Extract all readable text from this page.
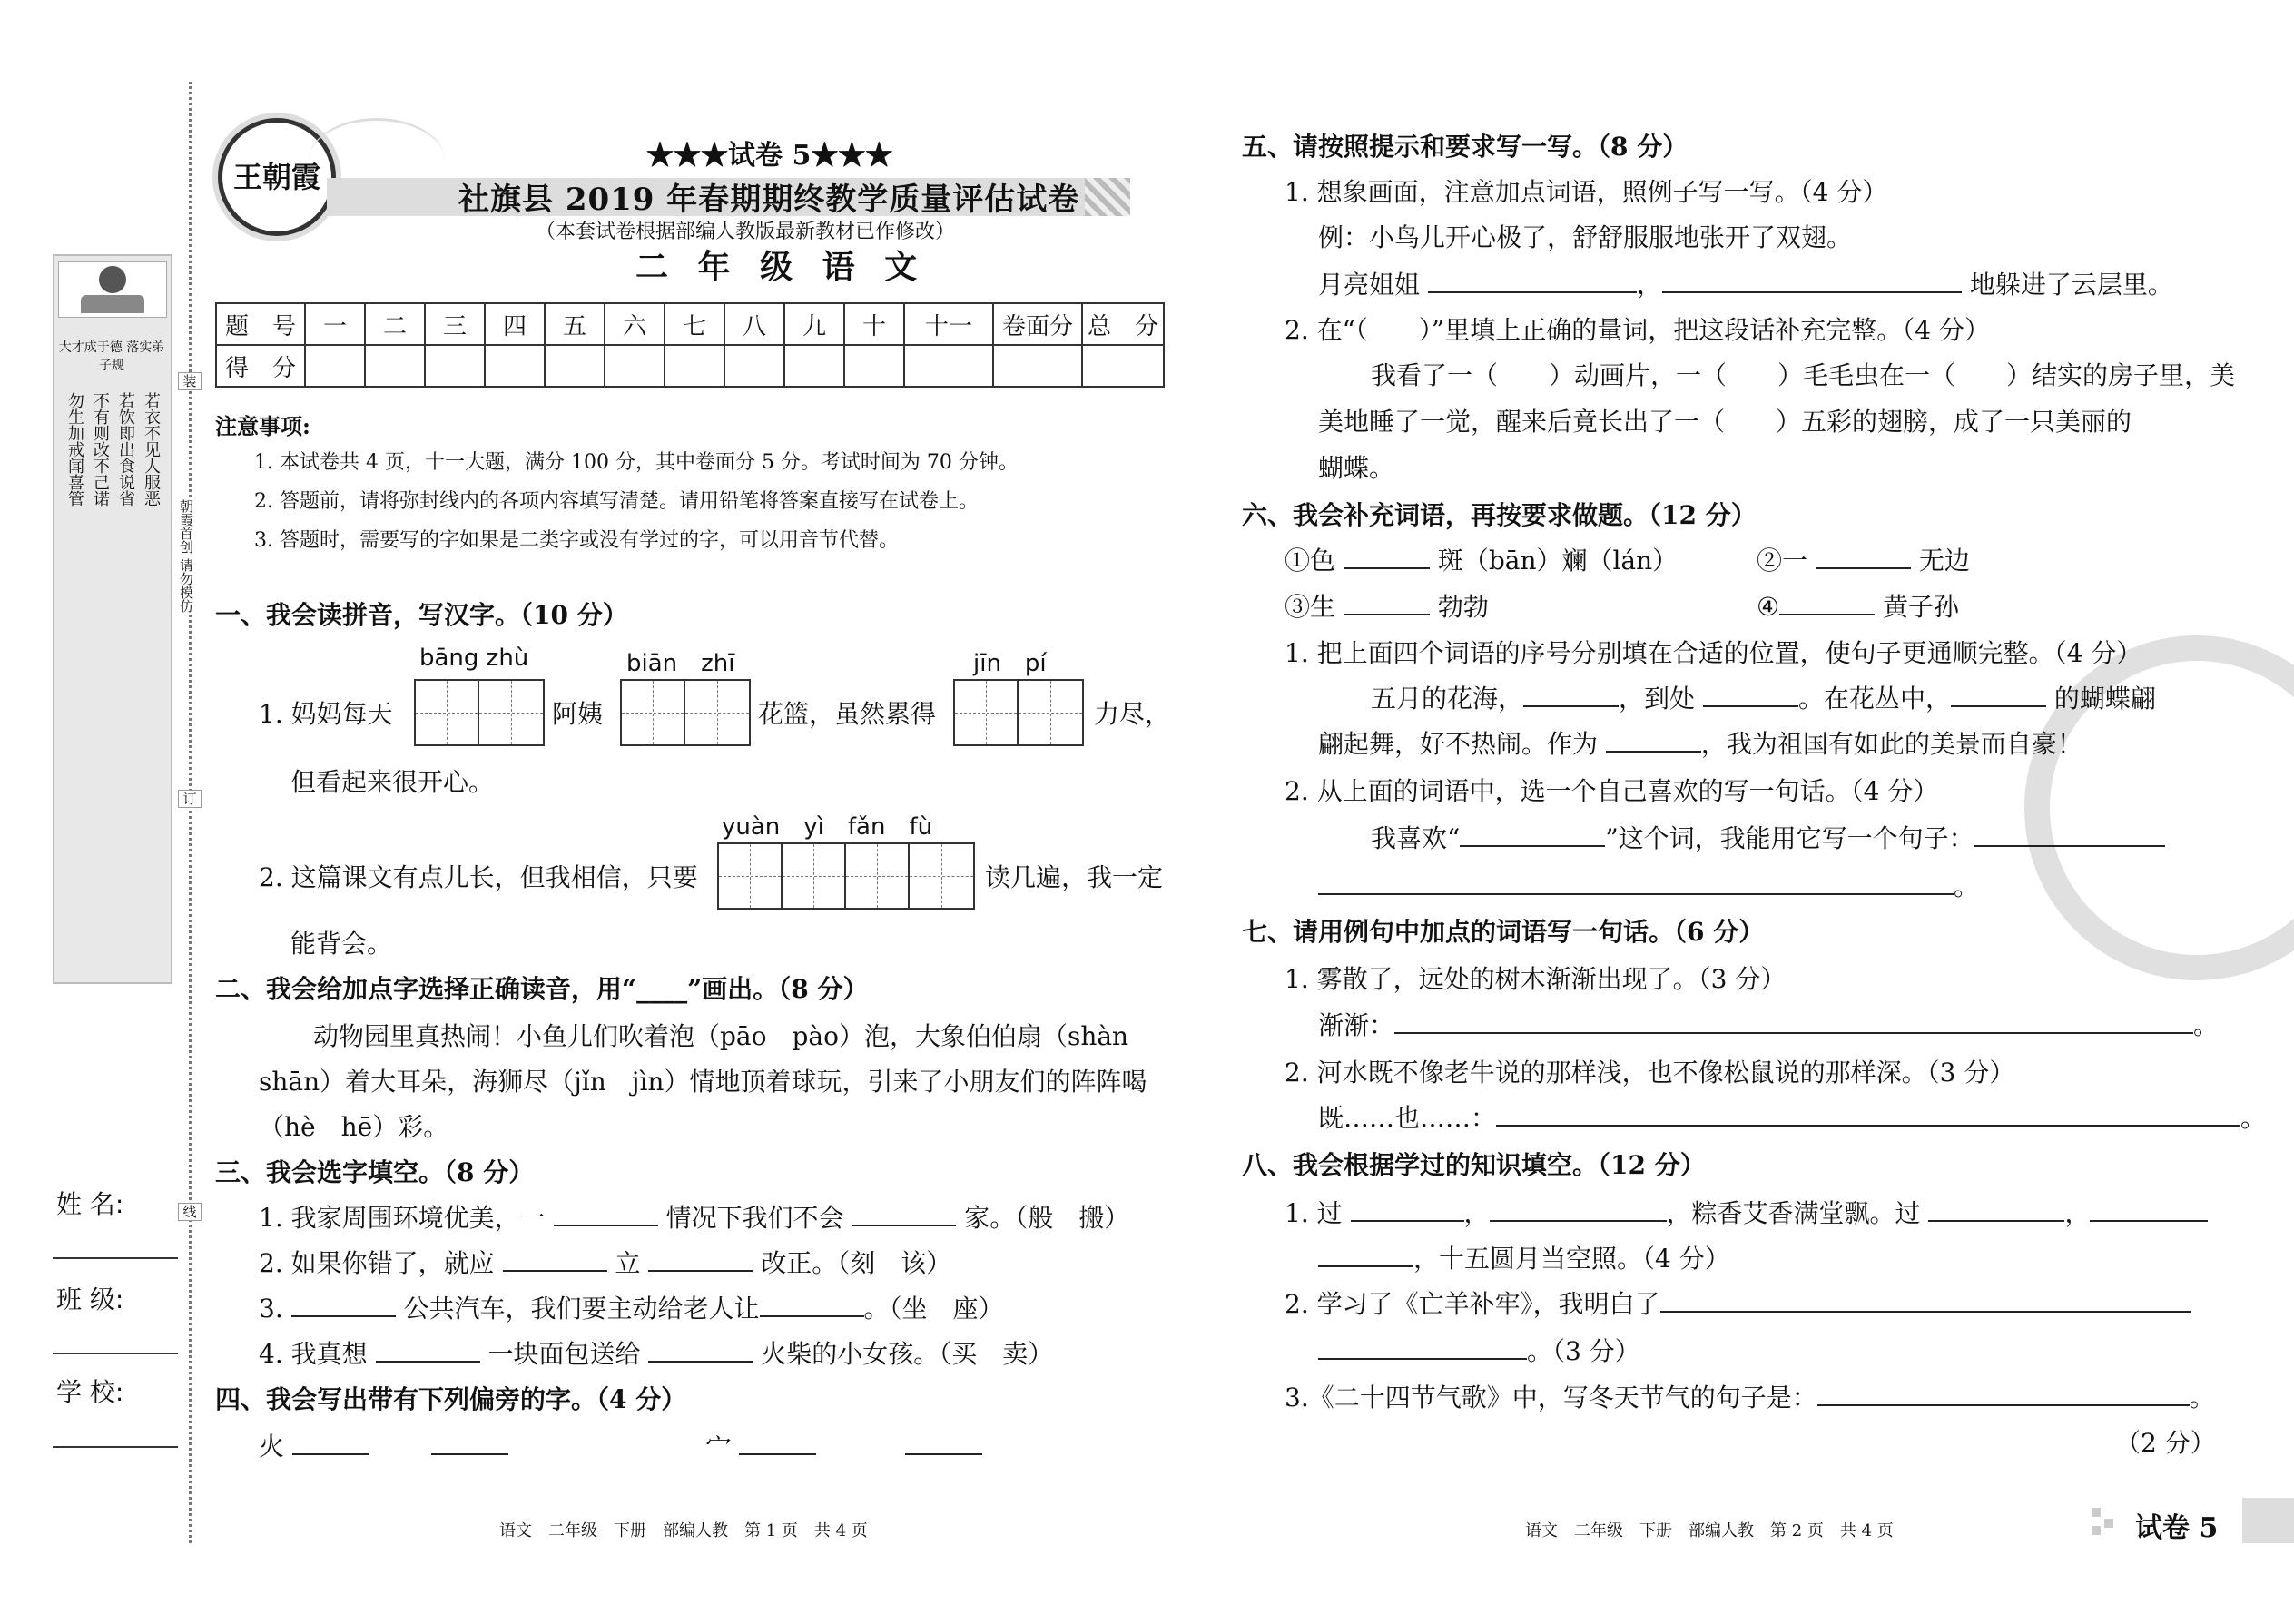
大才成于德 落实弟子规
若衣不见人服恶
若饮即出食说省
不有则改不己诺
勿生加戒闻喜管
装
订
线
朝霞首创 请勿模仿
姓 名:
班 级:
学 校:
王朝霞
★★★试卷 5★★★
社旗县 2019 年春期期终教学质量评估试卷
（本套试卷根据部编人教版最新教材已作修改）
二 年 级 语 文
题　号	一	二	三	四	五	六	七	八	九	十	十一	卷面分	总　分
得　分													
注意事项:
1. 本试卷共 4 页，十一大题，满分 100 分，其中卷面分 5 分。考试时间为 70 分钟。
2. 答题前，请将弥封线内的各项内容填写清楚。请用铅笔将答案直接写在试卷上。
3. 答题时，需要写的字如果是二类字或没有学过的字，可以用音节代替。
一、我会读拼音，写汉字。（10 分）
bāng zhù	biān　zhī	jīn　pí
1. 妈妈每天	阿姨	花篮，虽然累得	力尽，
但看起来很开心。
yuàn　yì　fǎn　fù
2. 这篇课文有点儿长，但我相信，只要	读几遍，我一定
能背会。
二、我会给加点字选择正确读音，用“____”画出。（8 分）
动物园里真热闹！小鱼儿们吹着泡（pāo　pào）泡，大象伯伯扇（shàn
shān）着大耳朵，海狮尽（jǐn　jìn）情地顶着球玩，引来了小朋友们的阵阵喝
（hè　hē）彩。
三、我会选字填空。（8 分）
1. 我家周围环境优美，一	情况下我们不会	家。（般　搬）
2. 如果你错了，就应	立	改正。（刻　该）
3.	公共汽车，我们要主动给老人让	。（坐　座）
4. 我真想	一块面包送给	火柴的小女孩。（买　卖）
四、我会写出带有下列偏旁的字。（4 分）
火	宀
语文　二年级　下册　部编人教　第 1 页　共 4 页
五、请按照提示和要求写一写。（8 分）
1. 想象画面，注意加点词语，照例子写一写。（4 分）
例：小鸟儿开心极了，舒舒服服地张开了双翅。
月亮姐姐	，	地躲进了云层里。
2. 在“（　　）”里填上正确的量词，把这段话补充完整。（4 分）
我看了一（　　）动画片，一（　　）毛毛虫在一（　　）结实的房子里，美
美地睡了一觉，醒来后竟长出了一（　　）五彩的翅膀，成了一只美丽的
蝴蝶。
六、我会补充词语，再按要求做题。（12 分）
①色	斑（bān）斓（lán）	②一	无边
③生	勃勃	④	黄子孙
1. 把上面四个词语的序号分别填在合适的位置，使句子更通顺完整。（4 分）
五月的花海，	，到处	。在花丛中，	的蝴蝶翩
翩起舞，好不热闹。作为	，我为祖国有如此的美景而自豪！
2. 从上面的词语中，选一个自己喜欢的写一句话。（4 分）
我喜欢“	”这个词，我能用它写一个句子：
。
七、请用例句中加点的词语写一句话。（6 分）
1. 雾散了，远处的树木渐渐出现了。（3 分）
渐渐：	。
2. 河水既不像老牛说的那样浅，也不像松鼠说的那样深。（3 分）
既……也……：	。
八、我会根据学过的知识填空。（12 分）
1. 过	，	，粽香艾香满堂飘。过	，
，十五圆月当空照。（4 分）
2. 学习了《亡羊补牢》，我明白了
。（3 分）
3.《二十四节气歌》中，写冬天节气的句子是：	。
（2 分）
语文　二年级　下册　部编人教　第 2 页　共 4 页	试卷 5
